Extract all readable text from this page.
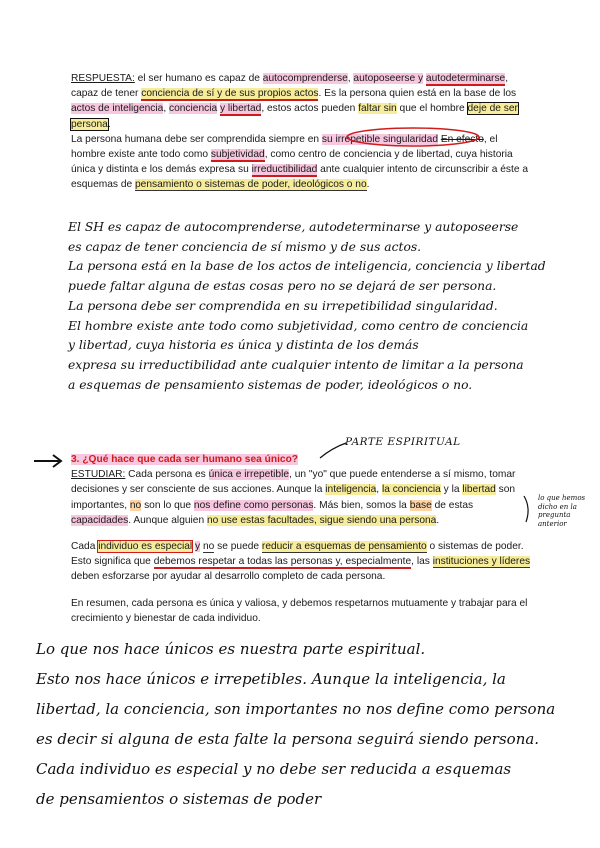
RESPUESTA: el ser humano es capaz de autocomprenderse, autoposeerse y autodeterminarse, capaz de tener conciencia de sí y de sus propios actos. Es la persona quien está en la base de los actos de inteligencia, conciencia y libertad, estos actos pueden faltar sin que el hombre deje de ser persona.

La persona humana debe ser comprendida siempre en su irrepetible singularidad En efecto, el hombre existe ante todo como subjetividad, como centro de conciencia y de libertad, cuya historia única y distinta e los demás expresa su irreductibilidad ante cualquier intento de circunscribir a éste a esquemas de pensamiento o sistemas de poder, ideológicos o no.

El SH es capaz de autocomprenderse, autodeterminarse y autoposeerse

es capaz de tener conciencia de sí mismo y de sus actos.

La persona está en la base de los actos de inteligencia, conciencia y libertad

puede faltar alguna de estas cosas pero no se dejará de ser persona.

La persona debe ser comprendida en su irrepetibilidad singularidad.

El hombre existe ante todo como subjetividad, como centro de conciencia

y libertad, cuya historia es única y distinta de los demás

expresa su irreductibilidad ante cualquier intento de limitar a la persona

a esquemas de pensamiento sistemas de poder, ideológicos o no.

PARTE ESPIRITUAL
lo que hemos dicho en la pregunta anterior

3. ¿Qué hace que cada ser humano sea único?

ESTUDIAR: Cada persona es única e irrepetible, un "yo" que puede entenderse a sí mismo, tomar decisiones y ser consciente de sus acciones. Aunque la inteligencia, la conciencia y la libertad son importantes, no son lo que nos define como personas. Más bien, somos la base de estas capacidades. Aunque alguien no use estas facultades, sigue siendo una persona.

Cada individuo es especial y no se puede reducir a esquemas de pensamiento o sistemas de poder. Esto significa que debemos respetar a todas las personas y, especialmente, las instituciones y líderes deben esforzarse por ayudar al desarrollo completo de cada persona.

En resumen, cada persona es única y valiosa, y debemos respetarnos mutuamente y trabajar para el crecimiento y bienestar de cada individuo.

Lo que nos hace únicos es nuestra parte espiritual.

Esto nos hace únicos e irrepetibles. Aunque la inteligencia, la

libertad, la conciencia, son importantes no nos define como persona

es decir si alguna de esta falte la persona seguirá siendo persona.

Cada individuo es especial y no debe ser reducida a esquemas

de pensamientos o sistemas de poder
